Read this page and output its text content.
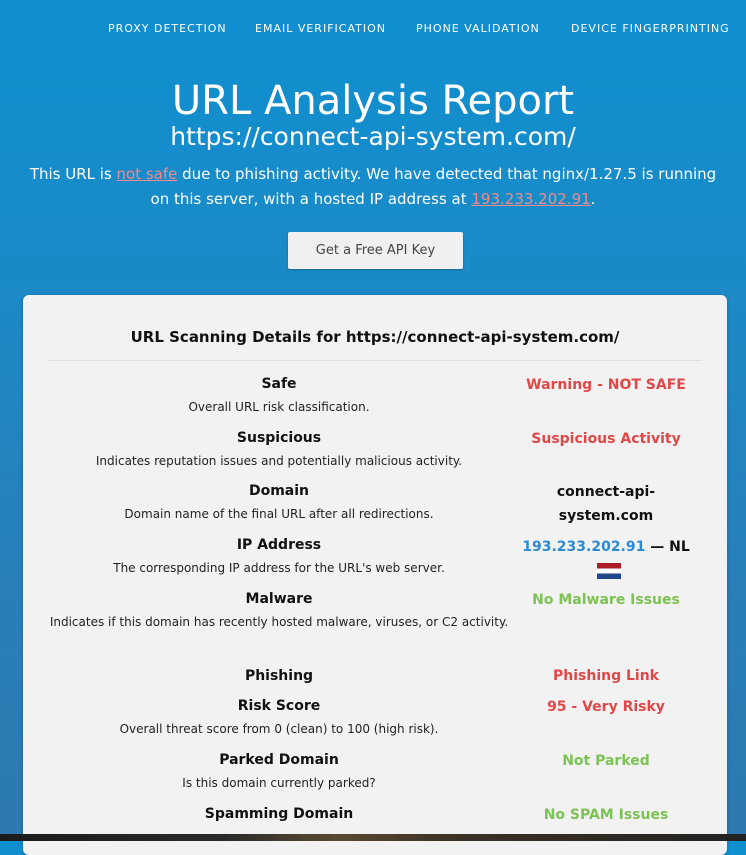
PROXY DETECTION	EMAIL VERIFICATION	PHONE VALIDATION	DEVICE FINGERPRINTING
URL Analysis Report
https://connect-api-system.com/
This URL is not safe due to phishing activity. We have detected that nginx/1.27.5 is running on this server, with a hosted IP address at 193.233.202.91.
Get a Free API Key
URL Scanning Details for https://connect-api-system.com/
Safe
Overall URL risk classification.
Warning - NOT SAFE
Suspicious
Indicates reputation issues and potentially malicious activity.
Suspicious Activity
Domain
Domain name of the final URL after all redirections.
connect-api-system.com
IP Address
The corresponding IP address for the URL's web server.
193.233.202.91 — NL
Malware
Indicates if this domain has recently hosted malware, viruses, or C2 activity.
No Malware Issues
Phishing	Phishing Link
Risk Score
Overall threat score from 0 (clean) to 100 (high risk).
95 - Very Risky
Parked Domain
Is this domain currently parked?
Not Parked
Spamming Domain	No SPAM Issues
